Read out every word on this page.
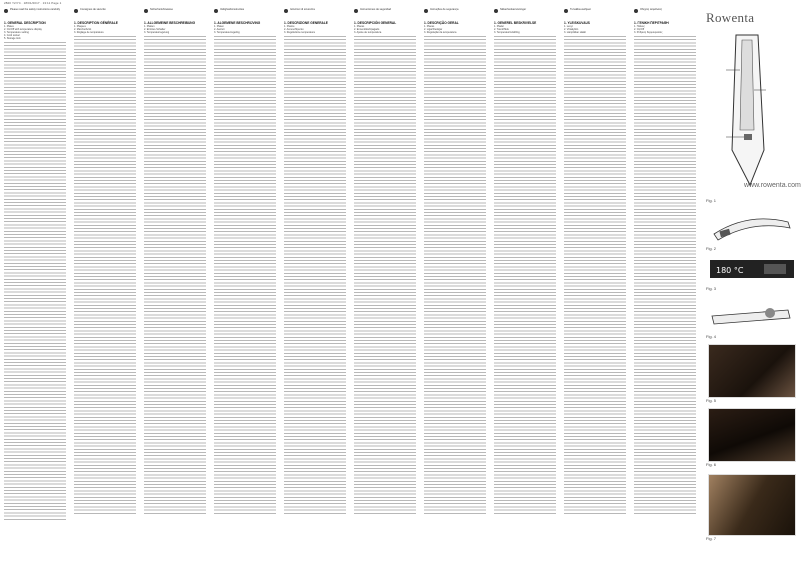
2820 Y2/Y4 · 18/01/2017 · 13:11 Page 1
Please read the safety instructions carefully
1. GENERAL DESCRIPTION
1. Plates
2. On/Off with temperature display
3. Temperature setting
4. Cord swivel
5. Storage lock
Consignes de sécurité
1. DESCRIPTION GÉNÉRALE
1. Plaques
2. Marche/Arrêt
3. Réglage de température
Sicherheitshinweise
1. ALLGEMEINE BESCHREIBUNG
1. Platten
2. Ein/Aus-Schalter
3. Temperaturregelung
Veiligheidsinstructies
1. ALGEMENE BESCHRIJVING
1. Platen
2. Aan/uit
3. Temperatuurregeling
Istruzioni di sicurezza
1. DESCRIZIONE GENERALE
1. Piastre
2. Acceso/Spento
3. Regolazione temperatura
Instrucciones de seguridad
1. DESCRIPCIÓN GENERAL
1. Placas
2. Encendido/Apagado
3. Ajuste de temperatura
Instruções de segurança
1. DESCRIÇÃO GERAL
1. Placas
2. Ligar/Desligar
3. Regulação da temperatura
Sikkerhedsanvisninger
1. GENEREL BESKRIVELSE
1. Plader
2. Tænd/Sluk
3. Temperaturindstilling
Turvallisuusohjeet
1. YLEISKUVAUS
1. Levyt
2. Virtakytkin
3. Lämpötilan säätö
Οδηγίες ασφαλείας
1. ΓΕΝΙΚΗ ΠΕΡΙΓΡΑΦΗ
1. Πλάκες
2. On/Off
3. Ρύθμιση θερμοκρασίας
Rowenta
www.rowenta.com
Fig. 1
Fig. 2
180 °C
Fig. 3
Fig. 4
Fig. 5
Fig. 6
Fig. 7
